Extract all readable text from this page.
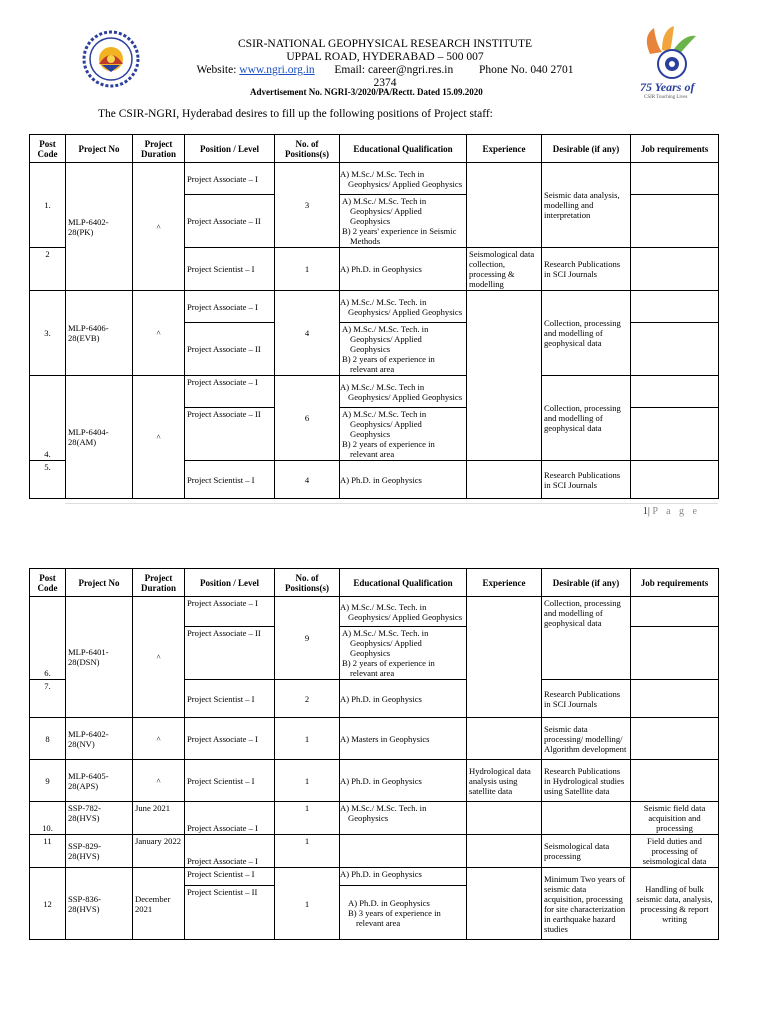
CSIR-NATIONAL GEOPHYSICAL RESEARCH INSTITUTE
UPPAL ROAD, HYDERABAD – 500 007
Website: www.ngri.org.in Email: career@ngri.res.in Phone No. 040 2701 2374	75 Years of
CSIR Touching Lives
Advertisement No. NGRI-3/2020/PA/Rectt. Dated 15.09.2020
The CSIR-NGRI, Hyderabad desires to fill up the following positions of Project staff:
Post Code	Project No	Project Duration	Position / Level	No. of Positions(s)	Educational Qualification	Experience	Desirable (if any)	Job requirements
1.	MLP-6402-28(PK)	^	Project Associate – I	3	A) M.Sc./ M.Sc. Tech in Geophysics/ Applied Geophysics		Seismic data analysis, modelling and interpretation	
			Project Associate – II		A) M.Sc./ M.Sc. Tech in Geophysics/ Applied Geophysics
B) 2 years' experience in Seismic Methods			

2			Project Scientist – I	1	A) Ph.D. in Geophysics	Seismological data collection, processing & modelling	Research Publications in SCI Journals	
3.	MLP-6406-28(EVB)	^	Project Associate – I	4	A) M.Sc./ M.Sc. Tech. in Geophysics/ Applied Geophysics		Collection, processing and modelling of geophysical data	
			Project Associate – II		A) M.Sc./ M.Sc. Tech. in Geophysics/ Applied Geophysics
B) 2 years of experience in relevant area			

4.	MLP-6404-28(AM)	^	Project Associate – I	6	A) M.Sc./ M.Sc. Tech in Geophysics/ Applied Geophysics		Collection, processing and modelling of geophysical data	
			Project Associate – II		A) M.Sc./ M.Sc. Tech in Geophysics/ Applied Geophysics
B) 2 years of experience in relevant area			

5.			Project Scientist – I	4	A) Ph.D. in Geophysics		Research Publications in SCI Journals	
1| P a g e
Post Code	Project No	Project Duration	Position / Level	No. of Positions(s)	Educational Qualification	Experience	Desirable (if any)	Job requirements
6.	MLP-6401-28(DSN)	^	Project Associate – I	9	A) M.Sc./ M.Sc. Tech. in Geophysics/ Applied Geophysics		Collection, processing and modelling of geophysical data	
			Project Associate – II		A) M.Sc./ M.Sc. Tech. in Geophysics/ Applied Geophysics
B) 2 years of experience in relevant area			

7.			Project Scientist – I	2	A) Ph.D. in Geophysics		Research Publications in SCI Journals	
8	MLP-6402-28(NV)	^	Project Associate – I	1	A) Masters in Geophysics		Seismic data processing/ modelling/ Algorithm development	
9	MLP-6405-28(APS)	^	Project Scientist – I	1	A) Ph.D. in Geophysics	Hydrological data analysis using satellite data	Research Publications in Hydrological studies using Satellite data	
10.	SSP-782-28(HVS)	June 2021	Project Associate – I	1	A) M.Sc./ M.Sc. Tech. in Geophysics			Seismic field data acquisition and processing
11	SSP-829-28(HVS)	January 2022	Project Associate – I	1			Seismological data processing	Field duties and processing of seismological data
12	SSP-836-28(HVS)	December 2021	Project Scientist – I	1	A) Ph.D. in Geophysics		Minimum Two years of seismic data acquisition, processing for site characterization in earthquake hazard studies	Handling of bulk seismic data, analysis, processing & report writing
			Project Scientist – II		A) Ph.D. in Geophysics
B) 3 years of experience in relevant area			
